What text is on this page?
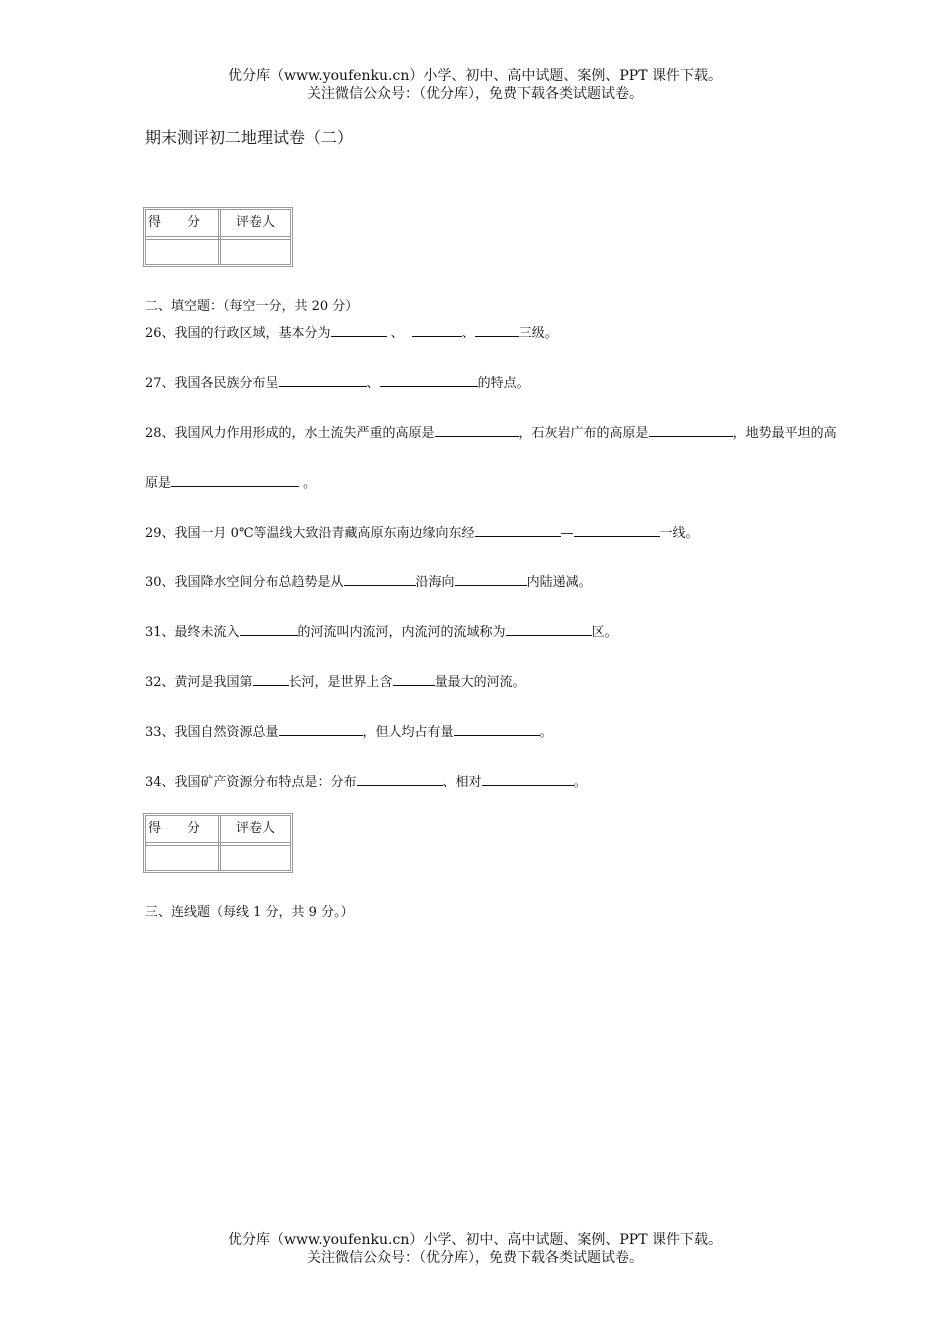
优分库（www.youfenku.cn）小学、初中、高中试题、案例、PPT 课件下载。
关注微信公众号：（优分库），免费下载各类试题试卷。
期末测评初二地理试卷（二）
得　　分	评卷人
二、填空题：（每空一分，共 20 分）
26、我国的行政区域，基本分为	、	、	三级。
27、我国各民族分布呈	、	的特点。
28、我国风力作用形成的，水土流失严重的高原是	，石灰岩广布的高原是	，地势最平坦的高
原是	。
29、我国一月 0℃等温线大致沿青藏高原东南边缘向东经	—	一线。
30、我国降水空间分布总趋势是从	沿海向	内陆递减。
31、最终未流入	的河流叫内流河，内流河的流域称为	区。
32、黄河是我国第	长河，是世界上含	量最大的河流。
33、我国自然资源总量	，但人均占有量	。
34、我国矿产资源分布特点是：分布	、相对	。
得　　分	评卷人
三、连线题（每线 1 分，共 9 分。）
优分库（www.youfenku.cn）小学、初中、高中试题、案例、PPT 课件下载。
关注微信公众号：（优分库），免费下载各类试题试卷。
